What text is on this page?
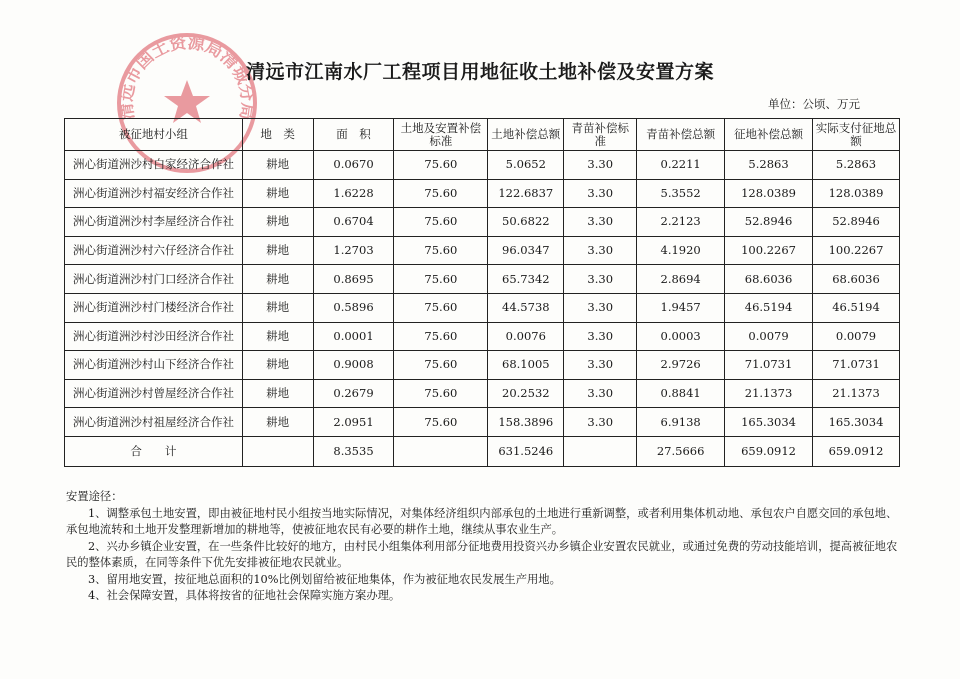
清远市国土资源局清城分局
清远市江南水厂工程项目用地征收土地补偿及安置方案
单位：公顷、万元
被征地村小组	地　类	面　积	土地及安置补偿标准	土地补偿总额	青苗补偿标准	青苗补偿总额	征地补偿总额	实际支付征地总额
洲心街道洲沙村白家经济合作社	耕地	0.0670	75.60	5.0652	3.30	0.2211	5.2863	5.2863
洲心街道洲沙村福安经济合作社	耕地	1.6228	75.60	122.6837	3.30	5.3552	128.0389	128.0389
洲心街道洲沙村李屋经济合作社	耕地	0.6704	75.60	50.6822	3.30	2.2123	52.8946	52.8946
洲心街道洲沙村六仔经济合作社	耕地	1.2703	75.60	96.0347	3.30	4.1920	100.2267	100.2267
洲心街道洲沙村门口经济合作社	耕地	0.8695	75.60	65.7342	3.30	2.8694	68.6036	68.6036
洲心街道洲沙村门楼经济合作社	耕地	0.5896	75.60	44.5738	3.30	1.9457	46.5194	46.5194
洲心街道洲沙村沙田经济合作社	耕地	0.0001	75.60	0.0076	3.30	0.0003	0.0079	0.0079
洲心街道洲沙村山下经济合作社	耕地	0.9008	75.60	68.1005	3.30	2.9726	71.0731	71.0731
洲心街道洲沙村曾屋经济合作社	耕地	0.2679	75.60	20.2532	3.30	0.8841	21.1373	21.1373
洲心街道洲沙村祖屋经济合作社	耕地	2.0951	75.60	158.3896	3.30	6.9138	165.3034	165.3034
合　　计		8.3535		631.5246		27.5666	659.0912	659.0912

安置途径：

1、调整承包土地安置，即由被征地村民小组按当地实际情况，对集体经济组织内部承包的土地进行重新调整，或者利用集体机动地、承包农户自愿交回的承包地、承包地流转和土地开发整理新增加的耕地等，使被征地农民有必要的耕作土地，继续从事农业生产。

2、兴办乡镇企业安置，在一些条件比较好的地方，由村民小组集体利用部分征地费用投资兴办乡镇企业安置农民就业，或通过免费的劳动技能培训，提高被征地农民的整体素质，在同等条件下优先安排被征地农民就业。

3、留用地安置，按征地总面积的10%比例划留给被征地集体，作为被征地农民发展生产用地。

4、社会保障安置，具体将按省的征地社会保障实施方案办理。
